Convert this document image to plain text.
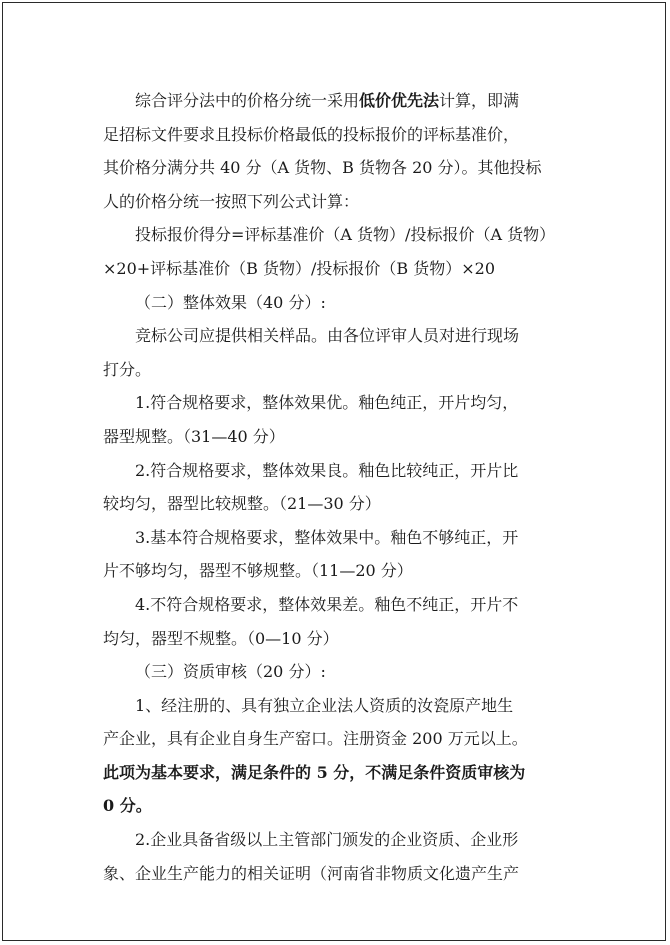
综合评分法中的价格分统一采用低价优先法计算，即满
足招标文件要求且投标价格最低的投标报价的评标基准价，
其价格分满分共 40 分（A 货物、B 货物各 20 分）。其他投标
人的价格分统一按照下列公式计算：
投标报价得分=评标基准价（A 货物）/投标报价（A 货物）
×20+评标基准价（B 货物）/投标报价（B 货物）×20
（二）整体效果（40 分）:
竞标公司应提供相关样品。由各位评审人员对进行现场
打分。
1.符合规格要求，整体效果优。釉色纯正，开片均匀，
器型规整。（31—40 分）
2.符合规格要求，整体效果良。釉色比较纯正，开片比
较均匀，器型比较规整。（21—30 分）
3.基本符合规格要求，整体效果中。釉色不够纯正，开
片不够均匀，器型不够规整。（11—20 分）
4.不符合规格要求，整体效果差。釉色不纯正，开片不
均匀，器型不规整。（0—10 分）
（三）资质审核（20 分）:
1、经注册的、具有独立企业法人资质的汝瓷原产地生
产企业，具有企业自身生产窑口。注册资金 200 万元以上。
此项为基本要求，满足条件的 5 分，不满足条件资质审核为
0 分。
2.企业具备省级以上主管部门颁发的企业资质、企业形
象、企业生产能力的相关证明（河南省非物质文化遗产生产
